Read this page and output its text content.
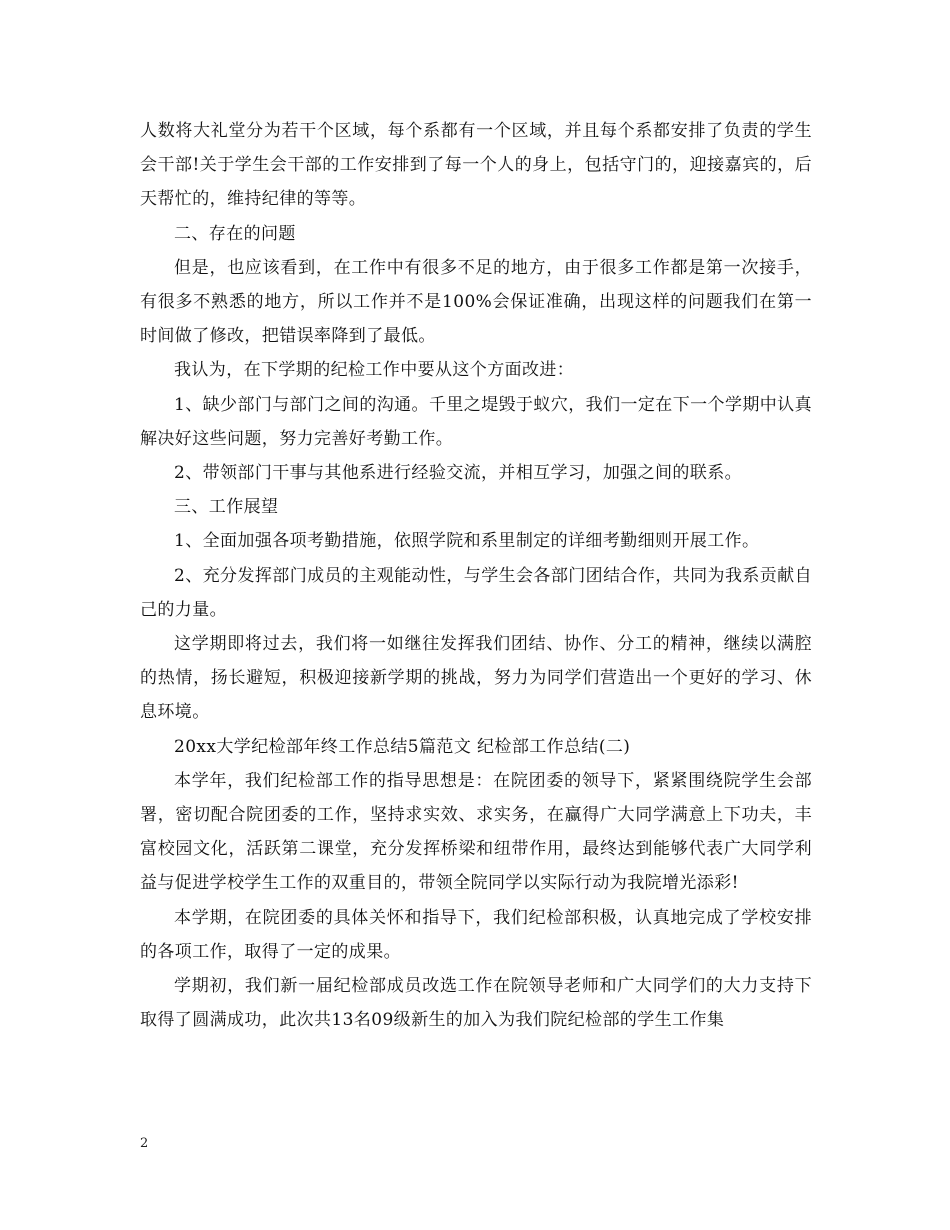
人数将大礼堂分为若干个区域，每个系都有一个区域，并且每个系都安排了负责的学生会干部!关于学生会干部的工作安排到了每一个人的身上，包括守门的，迎接嘉宾的，后天帮忙的，维持纪律的等等。

二、存在的问题

但是，也应该看到，在工作中有很多不足的地方，由于很多工作都是第一次接手，有很多不熟悉的地方，所以工作并不是100%会保证准确，出现这样的问题我们在第一时间做了修改，把错误率降到了最低。

我认为，在下学期的纪检工作中要从这个方面改进：

1、缺少部门与部门之间的沟通。千里之堤毁于蚁穴，我们一定在下一个学期中认真解决好这些问题，努力完善好考勤工作。

2、带领部门干事与其他系进行经验交流，并相互学习，加强之间的联系。

三、工作展望

1、全面加强各项考勤措施，依照学院和系里制定的详细考勤细则开展工作。

2、充分发挥部门成员的主观能动性，与学生会各部门团结合作，共同为我系贡献自己的力量。

这学期即将过去，我们将一如继往发挥我们团结、协作、分工的精神，继续以满腔的热情，扬长避短，积极迎接新学期的挑战，努力为同学们营造出一个更好的学习、休息环境。

20xx大学纪检部年终工作总结5篇范文 纪检部工作总结(二)

本学年，我们纪检部工作的指导思想是：在院团委的领导下，紧紧围绕院学生会部署，密切配合院团委的工作，坚持求实效、求实务，在赢得广大同学满意上下功夫，丰富校园文化，活跃第二课堂，充分发挥桥梁和纽带作用，最终达到能够代表广大同学利益与促进学校学生工作的双重目的，带领全院同学以实际行动为我院增光添彩!

本学期，在院团委的具体关怀和指导下，我们纪检部积极，认真地完成了学校安排的各项工作，取得了一定的成果。

学期初，我们新一届纪检部成员改选工作在院领导老师和广大同学们的大力支持下取得了圆满成功，此次共13名09级新生的加入为我们院纪检部的学生工作集

2
